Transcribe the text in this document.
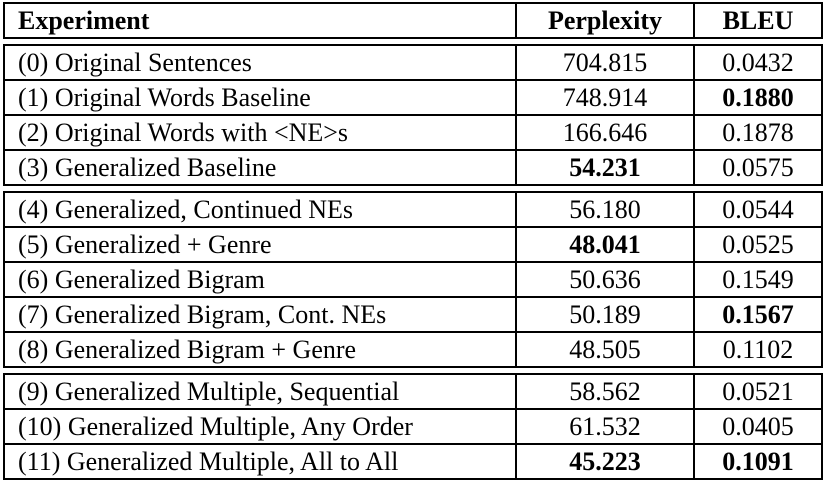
Experiment	Perplexity	BLEU
(0) Original Sentences	704.815	0.0432
(1) Original Words Baseline	748.914	0.1880
(2) Original Words with <NE>s	166.646	0.1878
(3) Generalized Baseline	54.231	0.0575
(4) Generalized, Continued NEs	56.180	0.0544
(5) Generalized + Genre	48.041	0.0525
(6) Generalized Bigram	50.636	0.1549
(7) Generalized Bigram, Cont. NEs	50.189	0.1567
(8) Generalized Bigram + Genre	48.505	0.1102
(9) Generalized Multiple, Sequential	58.562	0.0521
(10) Generalized Multiple, Any Order	61.532	0.0405
(11) Generalized Multiple, All to All	45.223	0.1091
